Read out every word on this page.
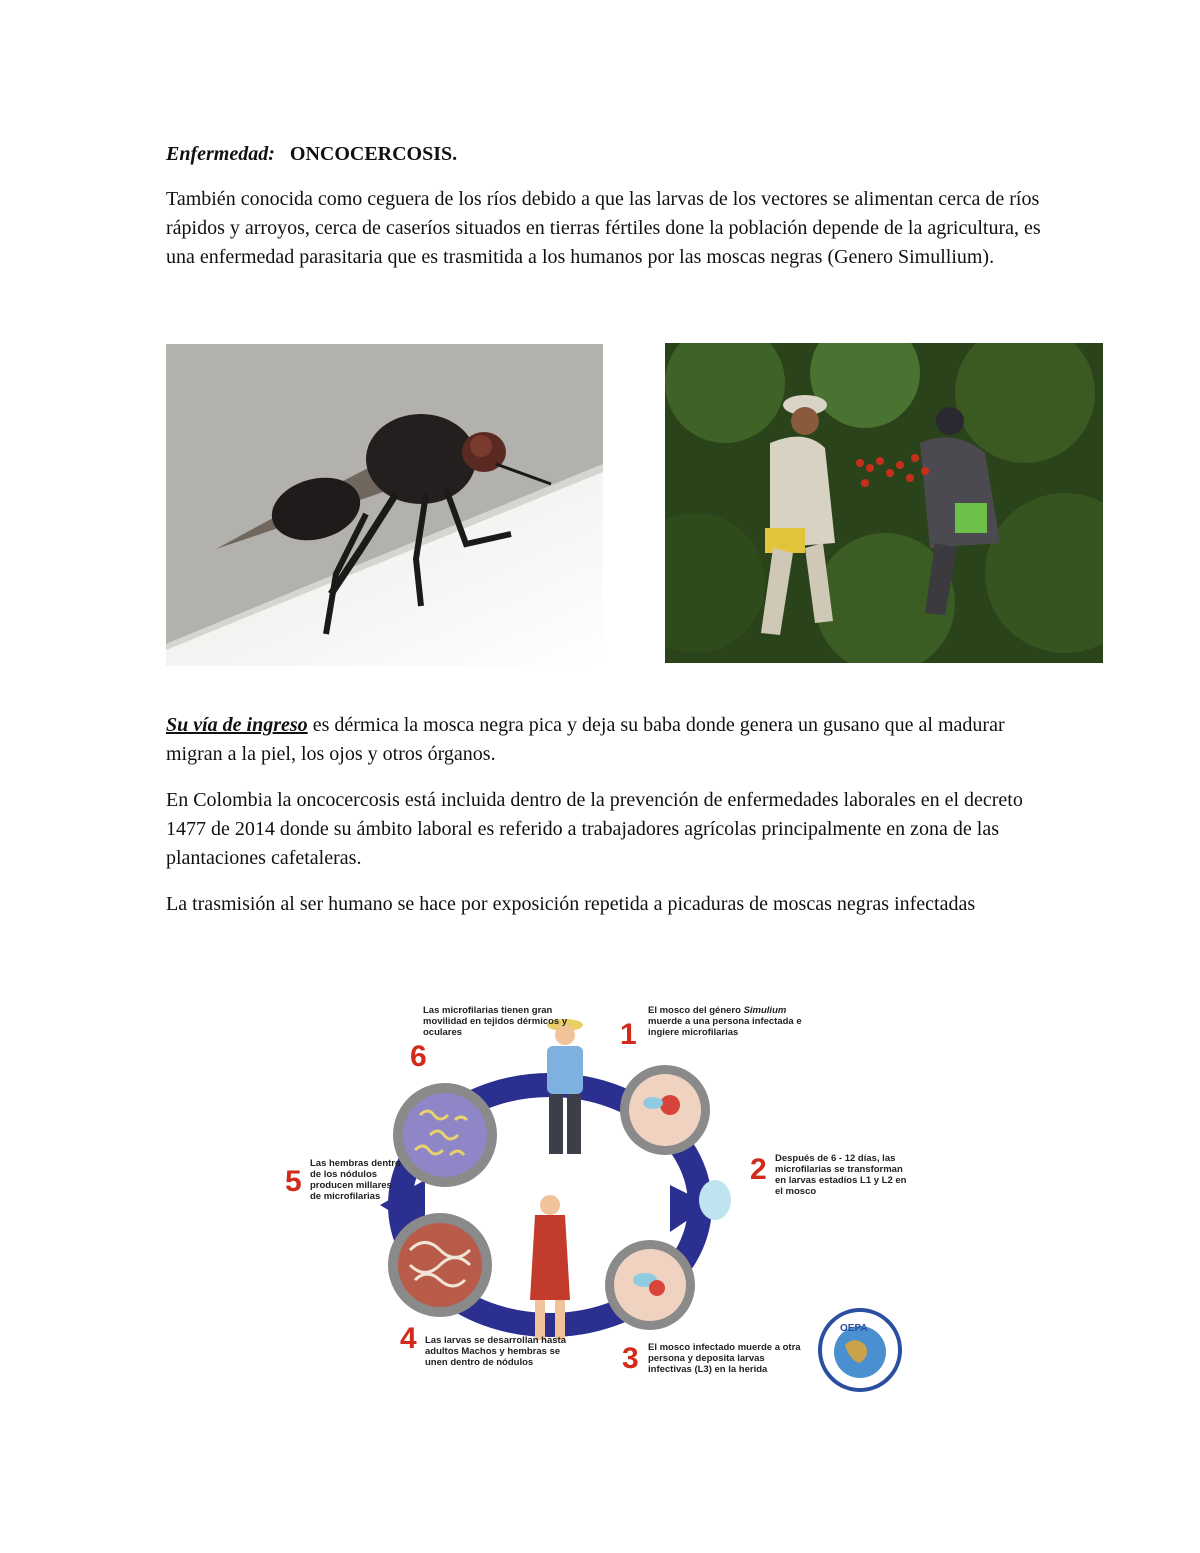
Enfermedad: ONCOCERCOSIS.
También conocida como ceguera de los ríos debido a que las larvas de los vectores se alimentan cerca de ríos rápidos y arroyos, cerca de caseríos situados en tierras fértiles done la población depende de la agricultura, es una enfermedad parasitaria que es trasmitida a los humanos por las moscas negras (Genero Simullium).
Su vía de ingreso es dérmica la mosca negra pica y deja su baba donde genera un gusano que al madurar migran a la piel, los ojos y otros órganos.
En Colombia la oncocercosis está incluida dentro de la prevención de enfermedades laborales en el decreto 1477 de 2014 donde su ámbito laboral es referido a trabajadores agrícolas principalmente en zona de las plantaciones cafetaleras.
La trasmisión al ser humano se hace por exposición repetida a picaduras de moscas negras infectadas
6
1
2
5
4
3
Las microfilarias tienen gran movilidad en tejidos dérmicos y oculares
El mosco del género Simulium muerde a una persona infectada e ingiere microfilarias
Después de 6 - 12 días, las microfilarias se transforman en larvas estadíos L1 y L2 en el mosco
Las hembras dentro de los nódulos producen millares de microfilarias
Las larvas se desarrollan hasta adultos Machos y hembras se unen dentro de nódulos
El mosco infectado muerde a otra persona y deposita larvas infectivas (L3) en la herida
OEPA
